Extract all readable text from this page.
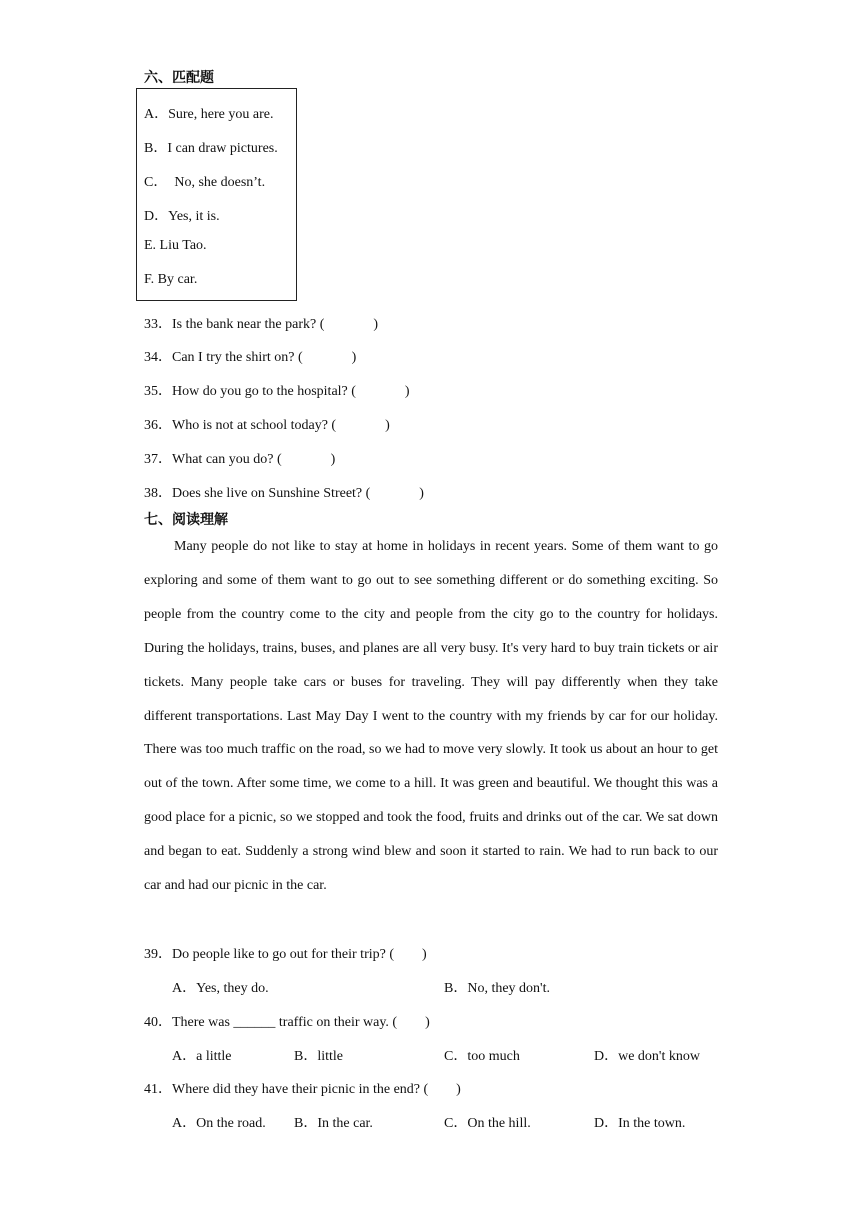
六、匹配题
A．Sure, here you are.
B．I can draw pictures.
C．  No, she doesn’t.
D．Yes, it is.
E. Liu Tao.
F. By car.
33．Is the bank near the park? (              )
34．Can I try the shirt on? (              )
35．How do you go to the hospital? (              )
36．Who is not at school today? (              )
37．What can you do? (              )
38．Does she live on Sunshine Street? (              )
七、阅读理解

Many people do not like to stay at home in holidays in recent years. Some of them want to go exploring and some of them want to go out to see something different or do something exciting. So people from the country come to the city and people from the city go to the country for holidays. During the holidays, trains, buses, and planes are all very busy. It's very hard to buy train tickets or air tickets. Many people take cars or buses for traveling. They will pay differently when they take different transportations. Last May Day I went to the country with my friends by car for our holiday. There was too much traffic on the road, so we had to move very slowly. It took us about an hour to get out of the town. After some time, we come to a hill. It was green and beautiful. We thought this was a good place for a picnic, so we stopped and took the food, fruits and drinks out of the car. We sat down and began to eat. Suddenly a strong wind blew and soon it started to rain. We had to run back to our car and had our picnic in the car.

39．Do people like to go out for their trip? (        )
A．Yes, they do.	B．No, they don't.
40．There was ______ traffic on their way. (        )
A．a little	B．little	C．too much	D．we don't know
41．Where did they have their picnic in the end? (        )
A．On the road. B．In the car.	C．On the hill.	D．In the town.
